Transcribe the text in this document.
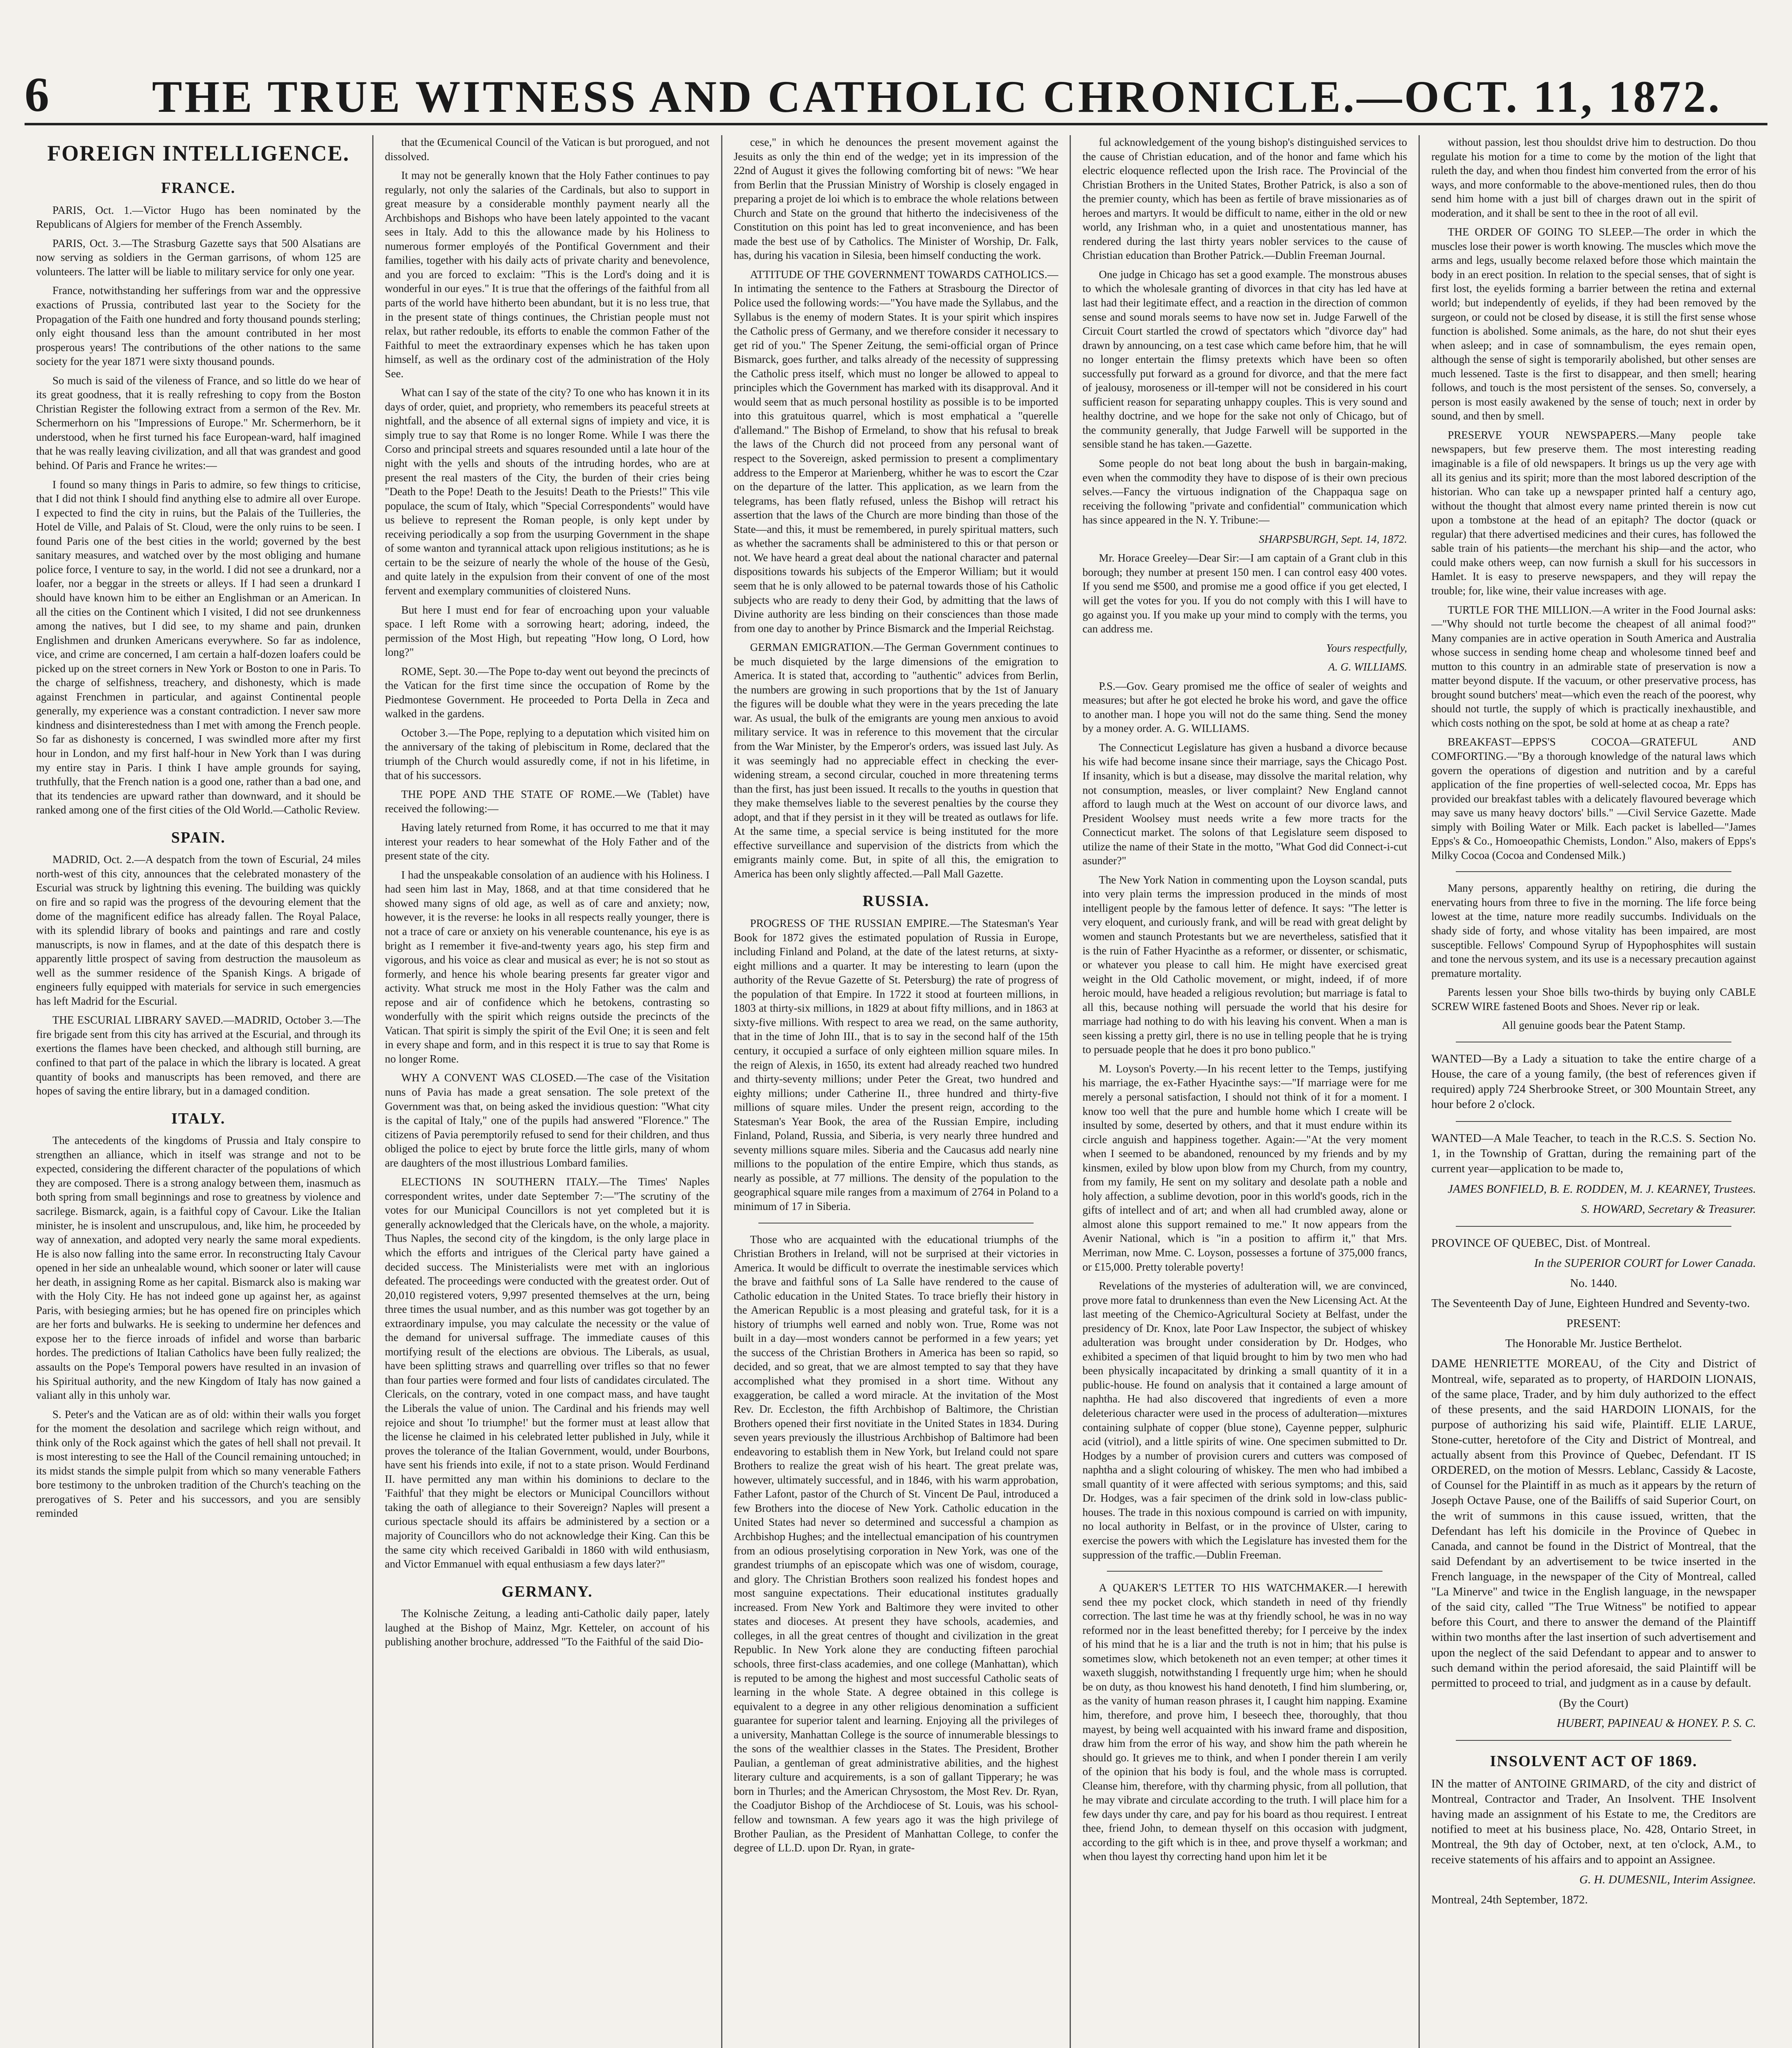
6	THE TRUE WITNESS AND CATHOLIC CHRONICLE.—OCT. 11, 1872.
FOREIGN INTELLIGENCE.
FRANCE.

PARIS, Oct. 1.—Victor Hugo has been nominated by the Republicans of Algiers for member of the French Assembly.

PARIS, Oct. 3.—The Strasburg Gazette says that 500 Alsatians are now serving as soldiers in the German garrisons, of whom 125 are volunteers. The latter will be liable to military service for only one year.

France, notwithstanding her sufferings from war and the oppressive exactions of Prussia, contributed last year to the Society for the Propagation of the Faith one hundred and forty thousand pounds sterling; only eight thousand less than the amount contributed in her most prosperous years! The contributions of the other nations to the same society for the year 1871 were sixty thousand pounds.

So much is said of the vileness of France, and so little do we hear of its great goodness, that it is really refreshing to copy from the Boston Christian Register the following extract from a sermon of the Rev. Mr. Schermerhorn on his "Impressions of Europe." Mr. Schermerhorn, be it understood, when he first turned his face European-ward, half imagined that he was really leaving civilization, and all that was grandest and good behind. Of Paris and France he writes:—

I found so many things in Paris to admire, so few things to criticise, that I did not think I should find anything else to admire all over Europe. I expected to find the city in ruins, but the Palais of the Tuilleries, the Hotel de Ville, and Palais of St. Cloud, were the only ruins to be seen. I found Paris one of the best cities in the world; governed by the best sanitary measures, and watched over by the most obliging and humane police force, I venture to say, in the world. I did not see a drunkard, nor a loafer, nor a beggar in the streets or alleys. If I had seen a drunkard I should have known him to be either an Englishman or an American. In all the cities on the Continent which I visited, I did not see drunkenness among the natives, but I did see, to my shame and pain, drunken Englishmen and drunken Americans everywhere. So far as indolence, vice, and crime are concerned, I am certain a half-dozen loafers could be picked up on the street corners in New York or Boston to one in Paris. To the charge of selfishness, treachery, and dishonesty, which is made against Frenchmen in particular, and against Continental people generally, my experience was a constant contradiction. I never saw more kindness and disinterestedness than I met with among the French people. So far as dishonesty is concerned, I was swindled more after my first hour in London, and my first half-hour in New York than I was during my entire stay in Paris. I think I have ample grounds for saying, truthfully, that the French nation is a good one, rather than a bad one, and that its tendencies are upward rather than downward, and it should be ranked among one of the first cities of the Old World.—Catholic Review.

SPAIN.

MADRID, Oct. 2.—A despatch from the town of Escurial, 24 miles north-west of this city, announces that the celebrated monastery of the Escurial was struck by lightning this evening. The building was quickly on fire and so rapid was the progress of the devouring element that the dome of the magnificent edifice has already fallen. The Royal Palace, with its splendid library of books and paintings and rare and costly manuscripts, is now in flames, and at the date of this despatch there is apparently little prospect of saving from destruction the mausoleum as well as the summer residence of the Spanish Kings. A brigade of engineers fully equipped with materials for service in such emergencies has left Madrid for the Escurial.

THE ESCURIAL LIBRARY SAVED.—MADRID, October 3.—The fire brigade sent from this city has arrived at the Escurial, and through its exertions the flames have been checked, and although still burning, are confined to that part of the palace in which the library is located. A great quantity of books and manuscripts has been removed, and there are hopes of saving the entire library, but in a damaged condition.

ITALY.

The antecedents of the kingdoms of Prussia and Italy conspire to strengthen an alliance, which in itself was strange and not to be expected, considering the different character of the populations of which they are composed. There is a strong analogy between them, inasmuch as both spring from small beginnings and rose to greatness by violence and sacrilege. Bismarck, again, is a faithful copy of Cavour. Like the Italian minister, he is insolent and unscrupulous, and, like him, he proceeded by way of annexation, and adopted very nearly the same moral expedients. He is also now falling into the same error. In reconstructing Italy Cavour opened in her side an unhealable wound, which sooner or later will cause her death, in assigning Rome as her capital. Bismarck also is making war with the Holy City. He has not indeed gone up against her, as against Paris, with besieging armies; but he has opened fire on principles which are her forts and bulwarks. He is seeking to undermine her defences and expose her to the fierce inroads of infidel and worse than barbaric hordes. The predictions of Italian Catholics have been fully realized; the assaults on the Pope's Temporal powers have resulted in an invasion of his Spiritual authority, and the new Kingdom of Italy has now gained a valiant ally in this unholy war.

S. Peter's and the Vatican are as of old: within their walls you forget for the moment the desolation and sacrilege which reign without, and think only of the Rock against which the gates of hell shall not prevail. It is most interesting to see the Hall of the Council remaining untouched; in its midst stands the simple pulpit from which so many venerable Fathers bore testimony to the unbroken tradition of the Church's teaching on the prerogatives of S. Peter and his successors, and you are sensibly reminded

that the Œcumenical Council of the Vatican is but prorogued, and not dissolved.

It may not be generally known that the Holy Father continues to pay regularly, not only the salaries of the Cardinals, but also to support in great measure by a considerable monthly payment nearly all the Archbishops and Bishops who have been lately appointed to the vacant sees in Italy. Add to this the allowance made by his Holiness to numerous former employés of the Pontifical Government and their families, together with his daily acts of private charity and benevolence, and you are forced to exclaim: "This is the Lord's doing and it is wonderful in our eyes." It is true that the offerings of the faithful from all parts of the world have hitherto been abundant, but it is no less true, that in the present state of things continues, the Christian people must not relax, but rather redouble, its efforts to enable the common Father of the Faithful to meet the extraordinary expenses which he has taken upon himself, as well as the ordinary cost of the administration of the Holy See.

What can I say of the state of the city? To one who has known it in its days of order, quiet, and propriety, who remembers its peaceful streets at nightfall, and the absence of all external signs of impiety and vice, it is simply true to say that Rome is no longer Rome. While I was there the Corso and principal streets and squares resounded until a late hour of the night with the yells and shouts of the intruding hordes, who are at present the real masters of the City, the burden of their cries being "Death to the Pope! Death to the Jesuits! Death to the Priests!" This vile populace, the scum of Italy, which "Special Correspondents" would have us believe to represent the Roman people, is only kept under by receiving periodically a sop from the usurping Government in the shape of some wanton and tyrannical attack upon religious institutions; as he is certain to be the seizure of nearly the whole of the house of the Gesù, and quite lately in the expulsion from their convent of one of the most fervent and exemplary communities of cloistered Nuns.

But here I must end for fear of encroaching upon your valuable space. I left Rome with a sorrowing heart; adoring, indeed, the permission of the Most High, but repeating "How long, O Lord, how long?"

ROME, Sept. 30.—The Pope to-day went out beyond the precincts of the Vatican for the first time since the occupation of Rome by the Piedmontese Government. He proceeded to Porta Della in Zeca and walked in the gardens.

October 3.—The Pope, replying to a deputation which visited him on the anniversary of the taking of plebiscitum in Rome, declared that the triumph of the Church would assuredly come, if not in his lifetime, in that of his successors.

THE POPE AND THE STATE OF ROME.—We (Tablet) have received the following:—

Having lately returned from Rome, it has occurred to me that it may interest your readers to hear somewhat of the Holy Father and of the present state of the city.

I had the unspeakable consolation of an audience with his Holiness. I had seen him last in May, 1868, and at that time considered that he showed many signs of old age, as well as of care and anxiety; now, however, it is the reverse: he looks in all respects really younger, there is not a trace of care or anxiety on his venerable countenance, his eye is as bright as I remember it five-and-twenty years ago, his step firm and vigorous, and his voice as clear and musical as ever; he is not so stout as formerly, and hence his whole bearing presents far greater vigor and activity. What struck me most in the Holy Father was the calm and repose and air of confidence which he betokens, contrasting so wonderfully with the spirit which reigns outside the precincts of the Vatican. That spirit is simply the spirit of the Evil One; it is seen and felt in every shape and form, and in this respect it is true to say that Rome is no longer Rome.

WHY A CONVENT WAS CLOSED.—The case of the Visitation nuns of Pavia has made a great sensation. The sole pretext of the Government was that, on being asked the invidious question: "What city is the capital of Italy," one of the pupils had answered "Florence." The citizens of Pavia peremptorily refused to send for their children, and thus obliged the police to eject by brute force the little girls, many of whom are daughters of the most illustrious Lombard families.

ELECTIONS IN SOUTHERN ITALY.—The Times' Naples correspondent writes, under date September 7:—"The scrutiny of the votes for our Municipal Councillors is not yet completed but it is generally acknowledged that the Clericals have, on the whole, a majority. Thus Naples, the second city of the kingdom, is the only large place in which the efforts and intrigues of the Clerical party have gained a decided success. The Ministerialists were met with an inglorious defeated. The proceedings were conducted with the greatest order. Out of 20,010 registered voters, 9,997 presented themselves at the urn, being three times the usual number, and as this number was got together by an extraordinary impulse, you may calculate the necessity or the value of the demand for universal suffrage. The immediate causes of this mortifying result of the elections are obvious. The Liberals, as usual, have been splitting straws and quarrelling over trifles so that no fewer than four parties were formed and four lists of candidates circulated. The Clericals, on the contrary, voted in one compact mass, and have taught the Liberals the value of union. The Cardinal and his friends may well rejoice and shout 'Io triumphe!' but the former must at least allow that the license he claimed in his celebrated letter published in July, while it proves the tolerance of the Italian Government, would, under Bourbons, have sent his friends into exile, if not to a state prison. Would Ferdinand II. have permitted any man within his dominions to declare to the 'Faithful' that they might be electors or Municipal Councillors without taking the oath of allegiance to their Sovereign? Naples will present a curious spectacle should its affairs be administered by a section or a majority of Councillors who do not acknowledge their King. Can this be the same city which received Garibaldi in 1860 with wild enthusiasm, and Victor Emmanuel with equal enthusiasm a few days later?"

GERMANY.

The Kolnische Zeitung, a leading anti-Catholic daily paper, lately laughed at the Bishop of Mainz, Mgr. Ketteler, on account of his publishing another brochure, addressed "To the Faithful of the said Dio-

cese," in which he denounces the present movement against the Jesuits as only the thin end of the wedge; yet in its impression of the 22nd of August it gives the following comforting bit of news: "We hear from Berlin that the Prussian Ministry of Worship is closely engaged in preparing a projet de loi which is to embrace the whole relations between Church and State on the ground that hitherto the indecisiveness of the Constitution on this point has led to great inconvenience, and has been made the best use of by Catholics. The Minister of Worship, Dr. Falk, has, during his vacation in Silesia, been himself conducting the work.

ATTITUDE OF THE GOVERNMENT TOWARDS CATHOLICS.—In intimating the sentence to the Fathers at Strasbourg the Director of Police used the following words:—"You have made the Syllabus, and the Syllabus is the enemy of modern States. It is your spirit which inspires the Catholic press of Germany, and we therefore consider it necessary to get rid of you." The Spener Zeitung, the semi-official organ of Prince Bismarck, goes further, and talks already of the necessity of suppressing the Catholic press itself, which must no longer be allowed to appeal to principles which the Government has marked with its disapproval. And it would seem that as much personal hostility as possible is to be imported into this gratuitous quarrel, which is most emphatical a "querelle d'allemand." The Bishop of Ermeland, to show that his refusal to break the laws of the Church did not proceed from any personal want of respect to the Sovereign, asked permission to present a complimentary address to the Emperor at Marienberg, whither he was to escort the Czar on the departure of the latter. This application, as we learn from the telegrams, has been flatly refused, unless the Bishop will retract his assertion that the laws of the Church are more binding than those of the State—and this, it must be remembered, in purely spiritual matters, such as whether the sacraments shall be administered to this or that person or not. We have heard a great deal about the national character and paternal dispositions towards his subjects of the Emperor William; but it would seem that he is only allowed to be paternal towards those of his Catholic subjects who are ready to deny their God, by admitting that the laws of Divine authority are less binding on their consciences than those made from one day to another by Prince Bismarck and the Imperial Reichstag.

GERMAN EMIGRATION.—The German Government continues to be much disquieted by the large dimensions of the emigration to America. It is stated that, according to "authentic" advices from Berlin, the numbers are growing in such proportions that by the 1st of January the figures will be double what they were in the years preceding the late war. As usual, the bulk of the emigrants are young men anxious to avoid military service. It was in reference to this movement that the circular from the War Minister, by the Emperor's orders, was issued last July. As it was seemingly had no appreciable effect in checking the ever-widening stream, a second circular, couched in more threatening terms than the first, has just been issued. It recalls to the youths in question that they make themselves liable to the severest penalties by the course they adopt, and that if they persist in it they will be treated as outlaws for life. At the same time, a special service is being instituted for the more effective surveillance and supervision of the districts from which the emigrants mainly come. But, in spite of all this, the emigration to America has been only slightly affected.—Pall Mall Gazette.

RUSSIA.

PROGRESS OF THE RUSSIAN EMPIRE.—The Statesman's Year Book for 1872 gives the estimated population of Russia in Europe, including Finland and Poland, at the date of the latest returns, at sixty-eight millions and a quarter. It may be interesting to learn (upon the authority of the Revue Gazette of St. Petersburg) the rate of progress of the population of that Empire. In 1722 it stood at fourteen millions, in 1803 at thirty-six millions, in 1829 at about fifty millions, and in 1863 at sixty-five millions. With respect to area we read, on the same authority, that in the time of John III., that is to say in the second half of the 15th century, it occupied a surface of only eighteen million square miles. In the reign of Alexis, in 1650, its extent had already reached two hundred and thirty-seventy millions; under Peter the Great, two hundred and eighty millions; under Catherine II., three hundred and thirty-five millions of square miles. Under the present reign, according to the Statesman's Year Book, the area of the Russian Empire, including Finland, Poland, Russia, and Siberia, is very nearly three hundred and seventy millions square miles. Siberia and the Caucasus add nearly nine millions to the population of the entire Empire, which thus stands, as nearly as possible, at 77 millions. The density of the population to the geographical square mile ranges from a maximum of 2764 in Poland to a minimum of 17 in Siberia.

Those who are acquainted with the educational triumphs of the Christian Brothers in Ireland, will not be surprised at their victories in America. It would be difficult to overrate the inestimable services which the brave and faithful sons of La Salle have rendered to the cause of Catholic education in the United States. To trace briefly their history in the American Republic is a most pleasing and grateful task, for it is a history of triumphs well earned and nobly won. True, Rome was not built in a day—most wonders cannot be performed in a few years; yet the success of the Christian Brothers in America has been so rapid, so decided, and so great, that we are almost tempted to say that they have accomplished what they promised in a short time. Without any exaggeration, be called a word miracle. At the invitation of the Most Rev. Dr. Eccleston, the fifth Archbishop of Baltimore, the Christian Brothers opened their first novitiate in the United States in 1834. During seven years previously the illustrious Archbishop of Baltimore had been endeavoring to establish them in New York, but Ireland could not spare Brothers to realize the great wish of his heart. The great prelate was, however, ultimately successful, and in 1846, with his warm approbation, Father Lafont, pastor of the Church of St. Vincent De Paul, introduced a few Brothers into the diocese of New York. Catholic education in the United States had never so determined and successful a champion as Archbishop Hughes; and the intellectual emancipation of his countrymen from an odious proselytising corporation in New York, was one of the grandest triumphs of an episcopate which was one of wisdom, courage, and glory. The Christian Brothers soon realized his fondest hopes and most sanguine expectations. Their educational institutes gradually increased. From New York and Baltimore they were invited to other states and dioceses. At present they have schools, academies, and colleges, in all the great centres of thought and civilization in the great Republic. In New York alone they are conducting fifteen parochial schools, three first-class academies, and one college (Manhattan), which is reputed to be among the highest and most successful Catholic seats of learning in the whole State. A degree obtained in this college is equivalent to a degree in any other religious denomination a sufficient guarantee for superior talent and learning. Enjoying all the privileges of a university, Manhattan College is the source of innumerable blessings to the sons of the wealthier classes in the States. The President, Brother Paulian, a gentleman of great administrative abilities, and the highest literary culture and acquirements, is a son of gallant Tipperary; he was born in Thurles; and the American Chrysostom, the Most Rev. Dr. Ryan, the Coadjutor Bishop of the Archdiocese of St. Louis, was his school-fellow and townsman. A few years ago it was the high privilege of Brother Paulian, as the President of Manhattan College, to confer the degree of LL.D. upon Dr. Ryan, in grate-

ful acknowledgement of the young bishop's distinguished services to the cause of Christian education, and of the honor and fame which his electric eloquence reflected upon the Irish race. The Provincial of the Christian Brothers in the United States, Brother Patrick, is also a son of the premier county, which has been as fertile of brave missionaries as of heroes and martyrs. It would be difficult to name, either in the old or new world, any Irishman who, in a quiet and unostentatious manner, has rendered during the last thirty years nobler services to the cause of Christian education than Brother Patrick.—Dublin Freeman Journal.

One judge in Chicago has set a good example. The monstrous abuses to which the wholesale granting of divorces in that city has led have at last had their legitimate effect, and a reaction in the direction of common sense and sound morals seems to have now set in. Judge Farwell of the Circuit Court startled the crowd of spectators which "divorce day" had drawn by announcing, on a test case which came before him, that he will no longer entertain the flimsy pretexts which have been so often successfully put forward as a ground for divorce, and that the mere fact of jealousy, moroseness or ill-temper will not be considered in his court sufficient reason for separating unhappy couples. This is very sound and healthy doctrine, and we hope for the sake not only of Chicago, but of the community generally, that Judge Farwell will be supported in the sensible stand he has taken.—Gazette.

Some people do not beat long about the bush in bargain-making, even when the commodity they have to dispose of is their own precious selves.—Fancy the virtuous indignation of the Chappaqua sage on receiving the following "private and confidential" communication which has since appeared in the N. Y. Tribune:—

SHARPSBURGH, Sept. 14, 1872.

Mr. Horace Greeley—Dear Sir:—I am captain of a Grant club in this borough; they number at present 150 men. I can control easy 400 votes. If you send me $500, and promise me a good office if you get elected, I will get the votes for you. If you do not comply with this I will have to go against you. If you make up your mind to comply with the terms, you can address me.

Yours respectfully,

A. G. WILLIAMS.

P.S.—Gov. Geary promised me the office of sealer of weights and measures; but after he got elected he broke his word, and gave the office to another man. I hope you will not do the same thing. Send the money by a money order. A. G. WILLIAMS.

The Connecticut Legislature has given a husband a divorce because his wife had become insane since their marriage, says the Chicago Post. If insanity, which is but a disease, may dissolve the marital relation, why not consumption, measles, or liver complaint? New England cannot afford to laugh much at the West on account of our divorce laws, and President Woolsey must needs write a few more tracts for the Connecticut market. The solons of that Legislature seem disposed to utilize the name of their State in the motto, "What God did Connect-i-cut asunder?"

The New York Nation in commenting upon the Loyson scandal, puts into very plain terms the impression produced in the minds of most intelligent people by the famous letter of defence. It says: "The letter is very eloquent, and curiously frank, and will be read with great delight by women and staunch Protestants but we are nevertheless, satisfied that it is the ruin of Father Hyacinthe as a reformer, or dissenter, or schismatic, or whatever you please to call him. He might have exercised great weight in the Old Catholic movement, or might, indeed, if of more heroic mould, have headed a religious revolution; but marriage is fatal to all this, because nothing will persuade the world that his desire for marriage had nothing to do with his leaving his convent. When a man is seen kissing a pretty girl, there is no use in telling people that he is trying to persuade people that he does it pro bono publico."

M. Loyson's Poverty.—In his recent letter to the Temps, justifying his marriage, the ex-Father Hyacinthe says:—"If marriage were for me merely a personal satisfaction, I should not think of it for a moment. I know too well that the pure and humble home which I create will be insulted by some, deserted by others, and that it must endure within its circle anguish and happiness together. Again:—"At the very moment when I seemed to be abandoned, renounced by my friends and by my kinsmen, exiled by blow upon blow from my Church, from my country, from my family, He sent on my solitary and desolate path a noble and holy affection, a sublime devotion, poor in this world's goods, rich in the gifts of intellect and of art; and when all had crumbled away, alone or almost alone this support remained to me." It now appears from the Avenir National, which is "in a position to affirm it," that Mrs. Merriman, now Mme. C. Loyson, possesses a fortune of 375,000 francs, or £15,000. Pretty tolerable poverty!

Revelations of the mysteries of adulteration will, we are convinced, prove more fatal to drunkenness than even the New Licensing Act. At the last meeting of the Chemico-Agricultural Society at Belfast, under the presidency of Dr. Knox, late Poor Law Inspector, the subject of whiskey adulteration was brought under consideration by Dr. Hodges, who exhibited a specimen of that liquid brought to him by two men who had been physically incapacitated by drinking a small quantity of it in a public-house. He found on analysis that it contained a large amount of naphtha. He had also discovered that ingredients of even a more deleterious character were used in the process of adulteration—mixtures containing sulphate of copper (blue stone), Cayenne pepper, sulphuric acid (vitriol), and a little spirits of wine. One specimen submitted to Dr. Hodges by a number of provision curers and cutters was composed of naphtha and a slight colouring of whiskey. The men who had imbibed a small quantity of it were affected with serious symptoms; and this, said Dr. Hodges, was a fair specimen of the drink sold in low-class public-houses. The trade in this noxious compound is carried on with impunity, no local authority in Belfast, or in the province of Ulster, caring to exercise the powers with which the Legislature has invested them for the suppression of the traffic.—Dublin Freeman.

A QUAKER'S LETTER TO HIS WATCHMAKER.—I herewith send thee my pocket clock, which standeth in need of thy friendly correction. The last time he was at thy friendly school, he was in no way reformed nor in the least benefitted thereby; for I perceive by the index of his mind that he is a liar and the truth is not in him; that his pulse is sometimes slow, which betokeneth not an even temper; at other times it waxeth sluggish, notwithstanding I frequently urge him; when he should be on duty, as thou knowest his hand denoteth, I find him slumbering, or, as the vanity of human reason phrases it, I caught him napping. Examine him, therefore, and prove him, I beseech thee, thoroughly, that thou mayest, by being well acquainted with his inward frame and disposition, draw him from the error of his way, and show him the path wherein he should go. It grieves me to think, and when I ponder therein I am verily of the opinion that his body is foul, and the whole mass is corrupted. Cleanse him, therefore, with thy charming physic, from all pollution, that he may vibrate and circulate according to the truth. I will place him for a few days under thy care, and pay for his board as thou requirest. I entreat thee, friend John, to demean thyself on this occasion with judgment, according to the gift which is in thee, and prove thyself a workman; and when thou layest thy correcting hand upon him let it be

without passion, lest thou shouldst drive him to destruction. Do thou regulate his motion for a time to come by the motion of the light that ruleth the day, and when thou findest him converted from the error of his ways, and more conformable to the above-mentioned rules, then do thou send him home with a just bill of charges drawn out in the spirit of moderation, and it shall be sent to thee in the root of all evil.

THE ORDER OF GOING TO SLEEP.—The order in which the muscles lose their power is worth knowing. The muscles which move the arms and legs, usually become relaxed before those which maintain the body in an erect position. In relation to the special senses, that of sight is first lost, the eyelids forming a barrier between the retina and external world; but independently of eyelids, if they had been removed by the surgeon, or could not be closed by disease, it is still the first sense whose function is abolished. Some animals, as the hare, do not shut their eyes when asleep; and in case of somnambulism, the eyes remain open, although the sense of sight is temporarily abolished, but other senses are much lessened. Taste is the first to disappear, and then smell; hearing follows, and touch is the most persistent of the senses. So, conversely, a person is most easily awakened by the sense of touch; next in order by sound, and then by smell.

PRESERVE YOUR NEWSPAPERS.—Many people take newspapers, but few preserve them. The most interesting reading imaginable is a file of old newspapers. It brings us up the very age with all its genius and its spirit; more than the most labored description of the historian. Who can take up a newspaper printed half a century ago, without the thought that almost every name printed therein is now cut upon a tombstone at the head of an epitaph? The doctor (quack or regular) that there advertised medicines and their cures, has followed the sable train of his patients—the merchant his ship—and the actor, who could make others weep, can now furnish a skull for his successors in Hamlet. It is easy to preserve newspapers, and they will repay the trouble; for, like wine, their value increases with age.

TURTLE FOR THE MILLION.—A writer in the Food Journal asks:—"Why should not turtle become the cheapest of all animal food?" Many companies are in active operation in South America and Australia whose success in sending home cheap and wholesome tinned beef and mutton to this country in an admirable state of preservation is now a matter beyond dispute. If the vacuum, or other preservative process, has brought sound butchers' meat—which even the reach of the poorest, why should not turtle, the supply of which is practically inexhaustible, and which costs nothing on the spot, be sold at home at as cheap a rate?

BREAKFAST—EPPS'S COCOA—GRATEFUL AND COMFORTING.—"By a thorough knowledge of the natural laws which govern the operations of digestion and nutrition and by a careful application of the fine properties of well-selected cocoa, Mr. Epps has provided our breakfast tables with a delicately flavoured beverage which may save us many heavy doctors' bills." —Civil Service Gazette. Made simply with Boiling Water or Milk. Each packet is labelled—"James Epps's & Co., Homoeopathic Chemists, London." Also, makers of Epps's Milky Cocoa (Cocoa and Condensed Milk.)

Many persons, apparently healthy on retiring, die during the enervating hours from three to five in the morning. The life force being lowest at the time, nature more readily succumbs. Individuals on the shady side of forty, and whose vitality has been impaired, are most susceptible. Fellows' Compound Syrup of Hypophosphites will sustain and tone the nervous system, and its use is a necessary precaution against premature mortality.

Parents lessen your Shoe bills two-thirds by buying only CABLE SCREW WIRE fastened Boots and Shoes. Never rip or leak.

All genuine goods bear the Patent Stamp.

WANTED—By a Lady a situation to take the entire charge of a House, the care of a young family, (the best of references given if required) apply 724 Sherbrooke Street, or 300 Mountain Street, any hour before 2 o'clock.

WANTED—A Male Teacher, to teach in the R.C.S. S. Section No. 1, in the Township of Grattan, during the remaining part of the current year—application to be made to,

JAMES BONFIELD, B. E. RODDEN, M. J. KEARNEY, Trustees.

S. HOWARD, Secretary & Treasurer.

PROVINCE OF QUEBEC, Dist. of Montreal.

In the SUPERIOR COURT for Lower Canada.

No. 1440.

The Seventeenth Day of June, Eighteen Hundred and Seventy-two.

PRESENT:

The Honorable Mr. Justice Berthelot.

DAME HENRIETTE MOREAU, of the City and District of Montreal, wife, separated as to property, of HARDOIN LIONAIS, of the same place, Trader, and by him duly authorized to the effect of these presents, and the said HARDOIN LIONAIS, for the purpose of authorizing his said wife, Plaintiff. ELIE LARUE, Stone-cutter, heretofore of the City and District of Montreal, and actually absent from this Province of Quebec, Defendant. IT IS ORDERED, on the motion of Messrs. Leblanc, Cassidy & Lacoste, of Counsel for the Plaintiff in as much as it appears by the return of Joseph Octave Pause, one of the Bailiffs of said Superior Court, on the writ of summons in this cause issued, written, that the Defendant has left his domicile in the Province of Quebec in Canada, and cannot be found in the District of Montreal, that the said Defendant by an advertisement to be twice inserted in the French language, in the newspaper of the City of Montreal, called "La Minerve" and twice in the English language, in the newspaper of the said city, called "The True Witness" be notified to appear before this Court, and there to answer the demand of the Plaintiff within two months after the last insertion of such advertisement and upon the neglect of the said Defendant to appear and to answer to such demand within the period aforesaid, the said Plaintiff will be permitted to proceed to trial, and judgment as in a cause by default.

(By the Court)

HUBERT, PAPINEAU & HONEY. P. S. C.

INSOLVENT ACT OF 1869.

IN the matter of ANTOINE GRIMARD, of the city and district of Montreal, Contractor and Trader, An Insolvent. THE Insolvent having made an assignment of his Estate to me, the Creditors are notified to meet at his business place, No. 428, Ontario Street, in Montreal, the 9th day of October, next, at ten o'clock, A.M., to receive statements of his affairs and to appoint an Assignee.

G. H. DUMESNIL, Interim Assignee.

Montreal, 24th September, 1872.
